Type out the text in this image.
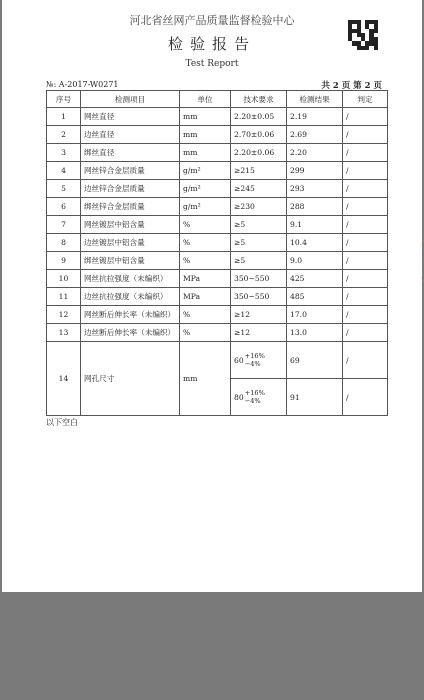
河北省丝网产品质量监督检验中心
检验报告
Test Report
№: A-2017-W0271	共 2 页 第 2 页
序号	检测项目	单位	技术要求	检测结果	判定
1	网丝直径	mm	2.20±0.05	2.19	/
2	边丝直径	mm	2.70±0.06	2.69	/
3	绑丝直径	mm	2.20±0.06	2.20	/
4	网丝锌合金层质量	g/m²	≥215	299	/
5	边丝锌合金层质量	g/m²	≥245	293	/
6	绑丝锌合金层质量	g/m²	≥230	288	/
7	网丝镀层中铝含量	%	≥5	9.1	/
8	边丝镀层中铝含量	%	≥5	10.4	/
9	绑丝镀层中铝含量	%	≥5	9.0	/
10	网丝抗拉强度（未编织）	MPa	350~550	425	/
11	边丝抗拉强度（未编织）	MPa	350~550	485	/
12	网丝断后伸长率（未编织）	%	≥12	17.0	/
13	边丝断后伸长率（未编织）	%	≥12	13.0	/
14	网孔尺寸	mm	60 +16%
−4%	69	/

			80 +16%
−4%	91	/
以下空白
